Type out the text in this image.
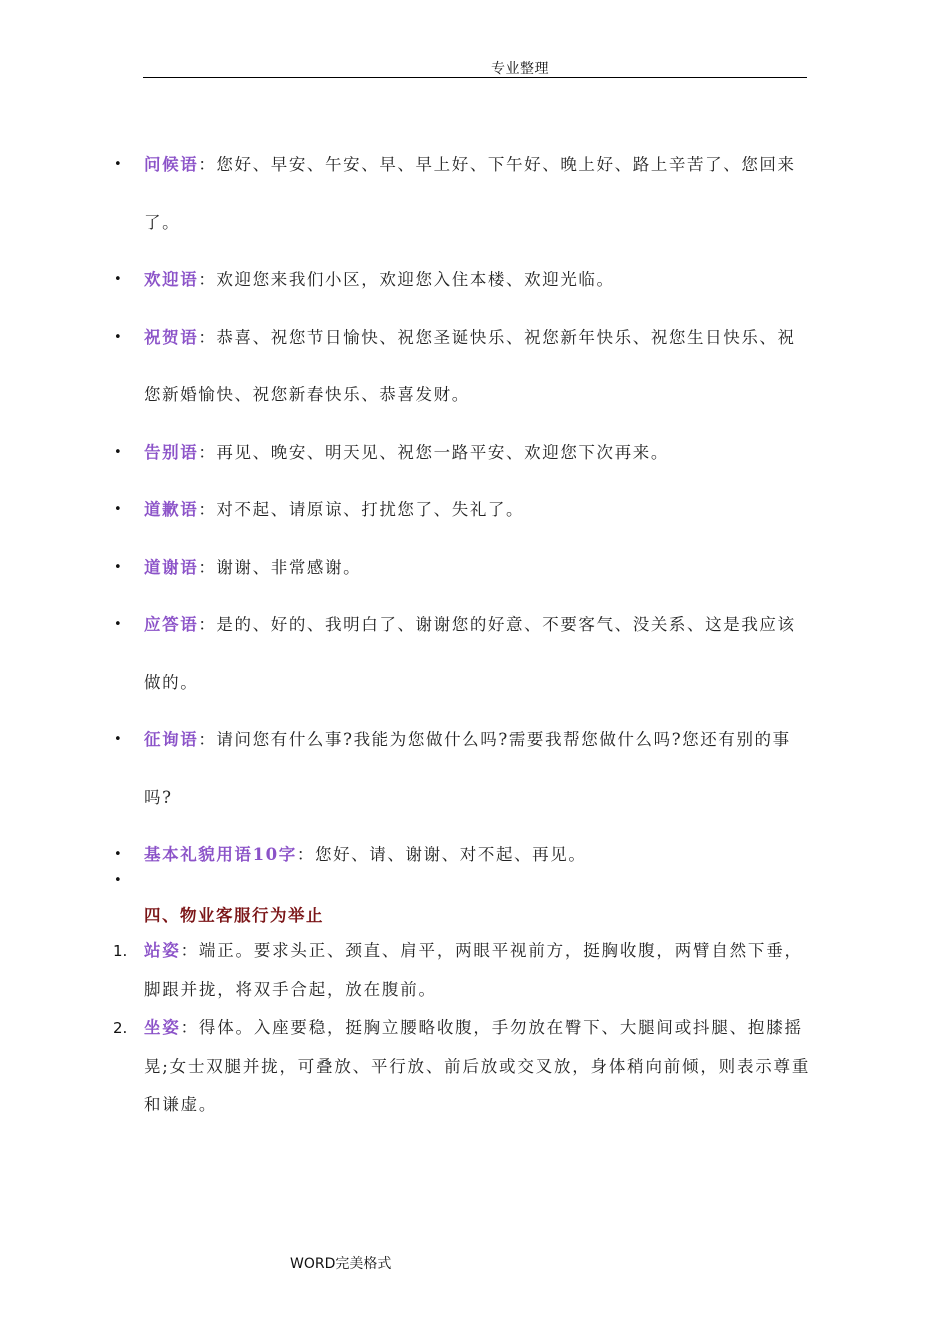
专业整理
• 问候语：您好、早安、午安、早、早上好、下午好、晚上好、路上辛苦了、您回来了。
• 欢迎语：欢迎您来我们小区，欢迎您入住本楼、欢迎光临。
• 祝贺语：恭喜、祝您节日愉快、祝您圣诞快乐、祝您新年快乐、祝您生日快乐、祝您新婚愉快、祝您新春快乐、恭喜发财。
• 告别语：再见、晚安、明天见、祝您一路平安、欢迎您下次再来。
• 道歉语：对不起、请原谅、打扰您了、失礼了。
• 道谢语：谢谢、非常感谢。
• 应答语：是的、好的、我明白了、谢谢您的好意、不要客气、没关系、这是我应该做的。
• 征询语：请问您有什么事?我能为您做什么吗?需要我帮您做什么吗?您还有别的事吗?
• 基本礼貌用语10字：您好、请、谢谢、对不起、再见。
•
四、物业客服行为举止
1. 站姿：端正。要求头正、颈直、肩平，两眼平视前方，挺胸收腹，两臂自然下垂，脚跟并拢，将双手合起，放在腹前。
2. 坐姿：得体。入座要稳，挺胸立腰略收腹，手勿放在臀下、大腿间或抖腿、抱膝摇晃;女士双腿并拢，可叠放、平行放、前后放或交叉放，身体稍向前倾，则表示尊重和谦虚。
WORD完美格式
